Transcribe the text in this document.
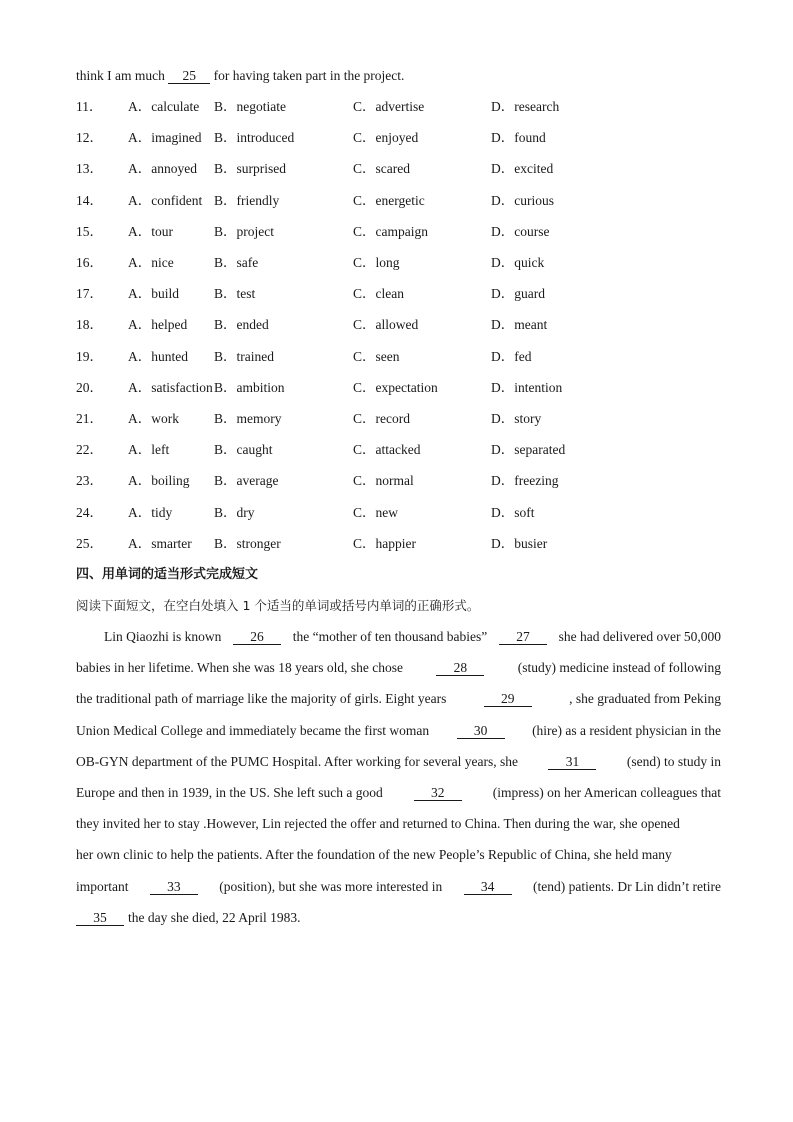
think I am much 25 for having taken part in the project.
11． A．calculate B．negotiate	C．advertise	D．research
12． A．imagined B．introduced	C．enjoyed	D．found
13． A．annoyed B．surprised	C．scared	D．excited
14． A．confident B．friendly	C．energetic	D．curious
15． A．tour	B．project	C．campaign	D．course
16． A．nice	B．safe	C．long	D．quick
17． A．build	B．test	C．clean	D．guard
18． A．helped B．ended	C．allowed	D．meant
19． A．hunted B．trained	C．seen	D．fed
20． A．satisfaction B．ambition	C．expectation	D．intention
21． A．work	B．memory	C．record	D．story
22． A．left	B．caught	C．attacked	D．separated
23． A．boiling B．average	C．normal	D．freezing
24． A．tidy	B．dry	C．new	D．soft
25． A．smarter B．stronger	C．happier	D．busier
四、用单词的适当形式完成短文
阅读下面短文，在空白处填入 1 个适当的单词或括号内单词的正确形式。
Lin Qiaozhi is known	26	the “mother of ten thousand babies”	27	she had delivered over 50,000
babies in her lifetime. When she was 18 years old, she chose	28	(study) medicine instead of following
the traditional path of marriage like the majority of girls. Eight years	29	, she graduated from Peking
Union Medical College and immediately became the first woman	30	(hire) as a resident physician in the
OB-GYN department of the PUMC Hospital. After working for several years, she	31	(send) to study in
Europe and then in 1939, in the US. She left such a good	32	(impress) on her American colleagues that
they invited her to stay .However, Lin rejected the offer and returned to China. Then during the war, she opened
her own clinic to help the patients. After the foundation of the new People’s Republic of China, she held many
important	33	(position), but she was more interested in	34	(tend) patients. Dr Lin didn’t retire
35	the day she died, 22 April 1983.
